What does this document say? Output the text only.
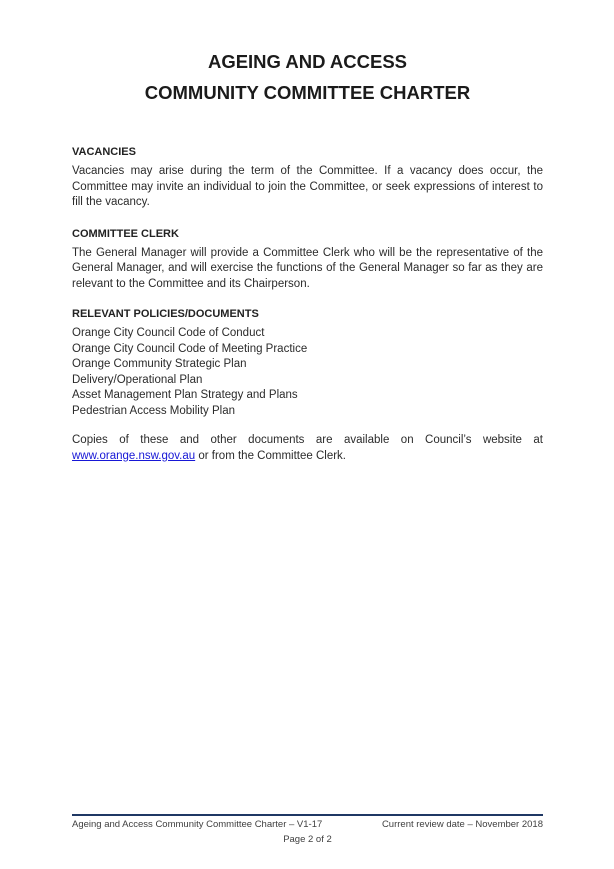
AGEING AND ACCESS
COMMUNITY COMMITTEE CHARTER
VACANCIES

Vacancies may arise during the term of the Committee. If a vacancy does occur, the Committee may invite an individual to join the Committee, or seek expressions of interest to fill the vacancy.

COMMITTEE CLERK

The General Manager will provide a Committee Clerk who will be the representative of the General Manager, and will exercise the functions of the General Manager so far as they are relevant to the Committee and its Chairperson.

RELEVANT POLICIES/DOCUMENTS
Orange City Council Code of Conduct
Orange City Council Code of Meeting Practice
Orange Community Strategic Plan
Delivery/Operational Plan
Asset Management Plan Strategy and Plans
Pedestrian Access Mobility Plan

Copies of these and other documents are available on Council’s website at www.orange.nsw.gov.au or from the Committee Clerk.

Ageing and Access Community Committee Charter – V1-17	Current review date – November 2018
Page 2 of 2
